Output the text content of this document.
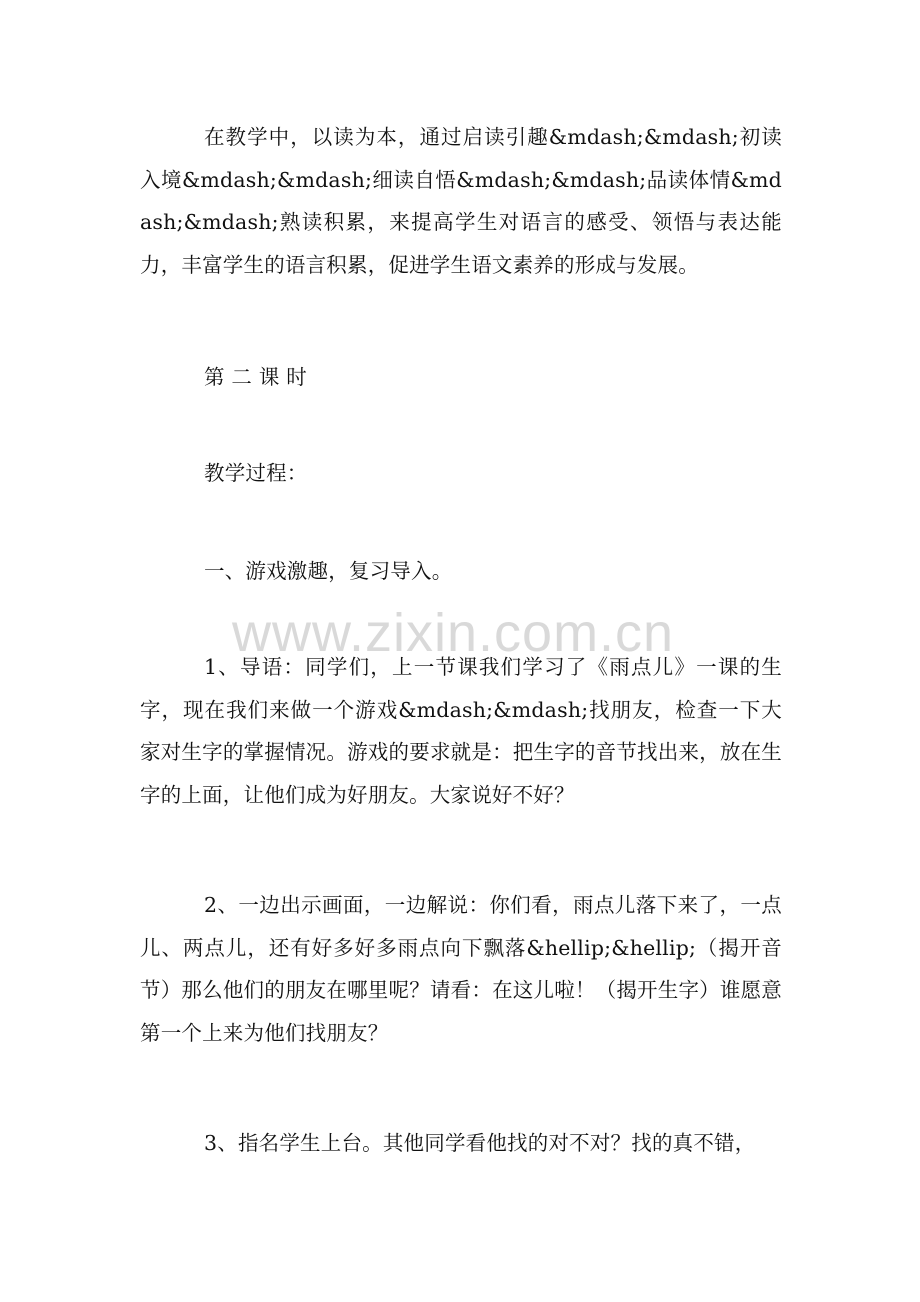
在教学中，以读为本，通过启读引趣&mdash;&mdash;初读入境&mdash;&mdash;细读自悟&mdash;&mdash;品读体情&mdash;&mdash;熟读积累，来提高学生对语言的感受、领悟与表达能力，丰富学生的语言积累，促进学生语文素养的形成与发展。

第 二 课 时

教学过程：

一、游戏激趣，复习导入。

1、导语：同学们，上一节课我们学习了《雨点儿》一课的生字，现在我们来做一个游戏&mdash;&mdash;找朋友，检查一下大家对生字的掌握情况。游戏的要求就是：把生字的音节找出来，放在生字的上面，让他们成为好朋友。大家说好不好？

2、一边出示画面，一边解说：你们看，雨点儿落下来了，一点儿、两点儿，还有好多好多雨点向下飘落&hellip;&hellip;（揭开音节）那么他们的朋友在哪里呢？请看：在这儿啦！（揭开生字）谁愿意第一个上来为他们找朋友？

3、指名学生上台。其他同学看他找的对不对？找的真不错，

www.zixin.com.cn
